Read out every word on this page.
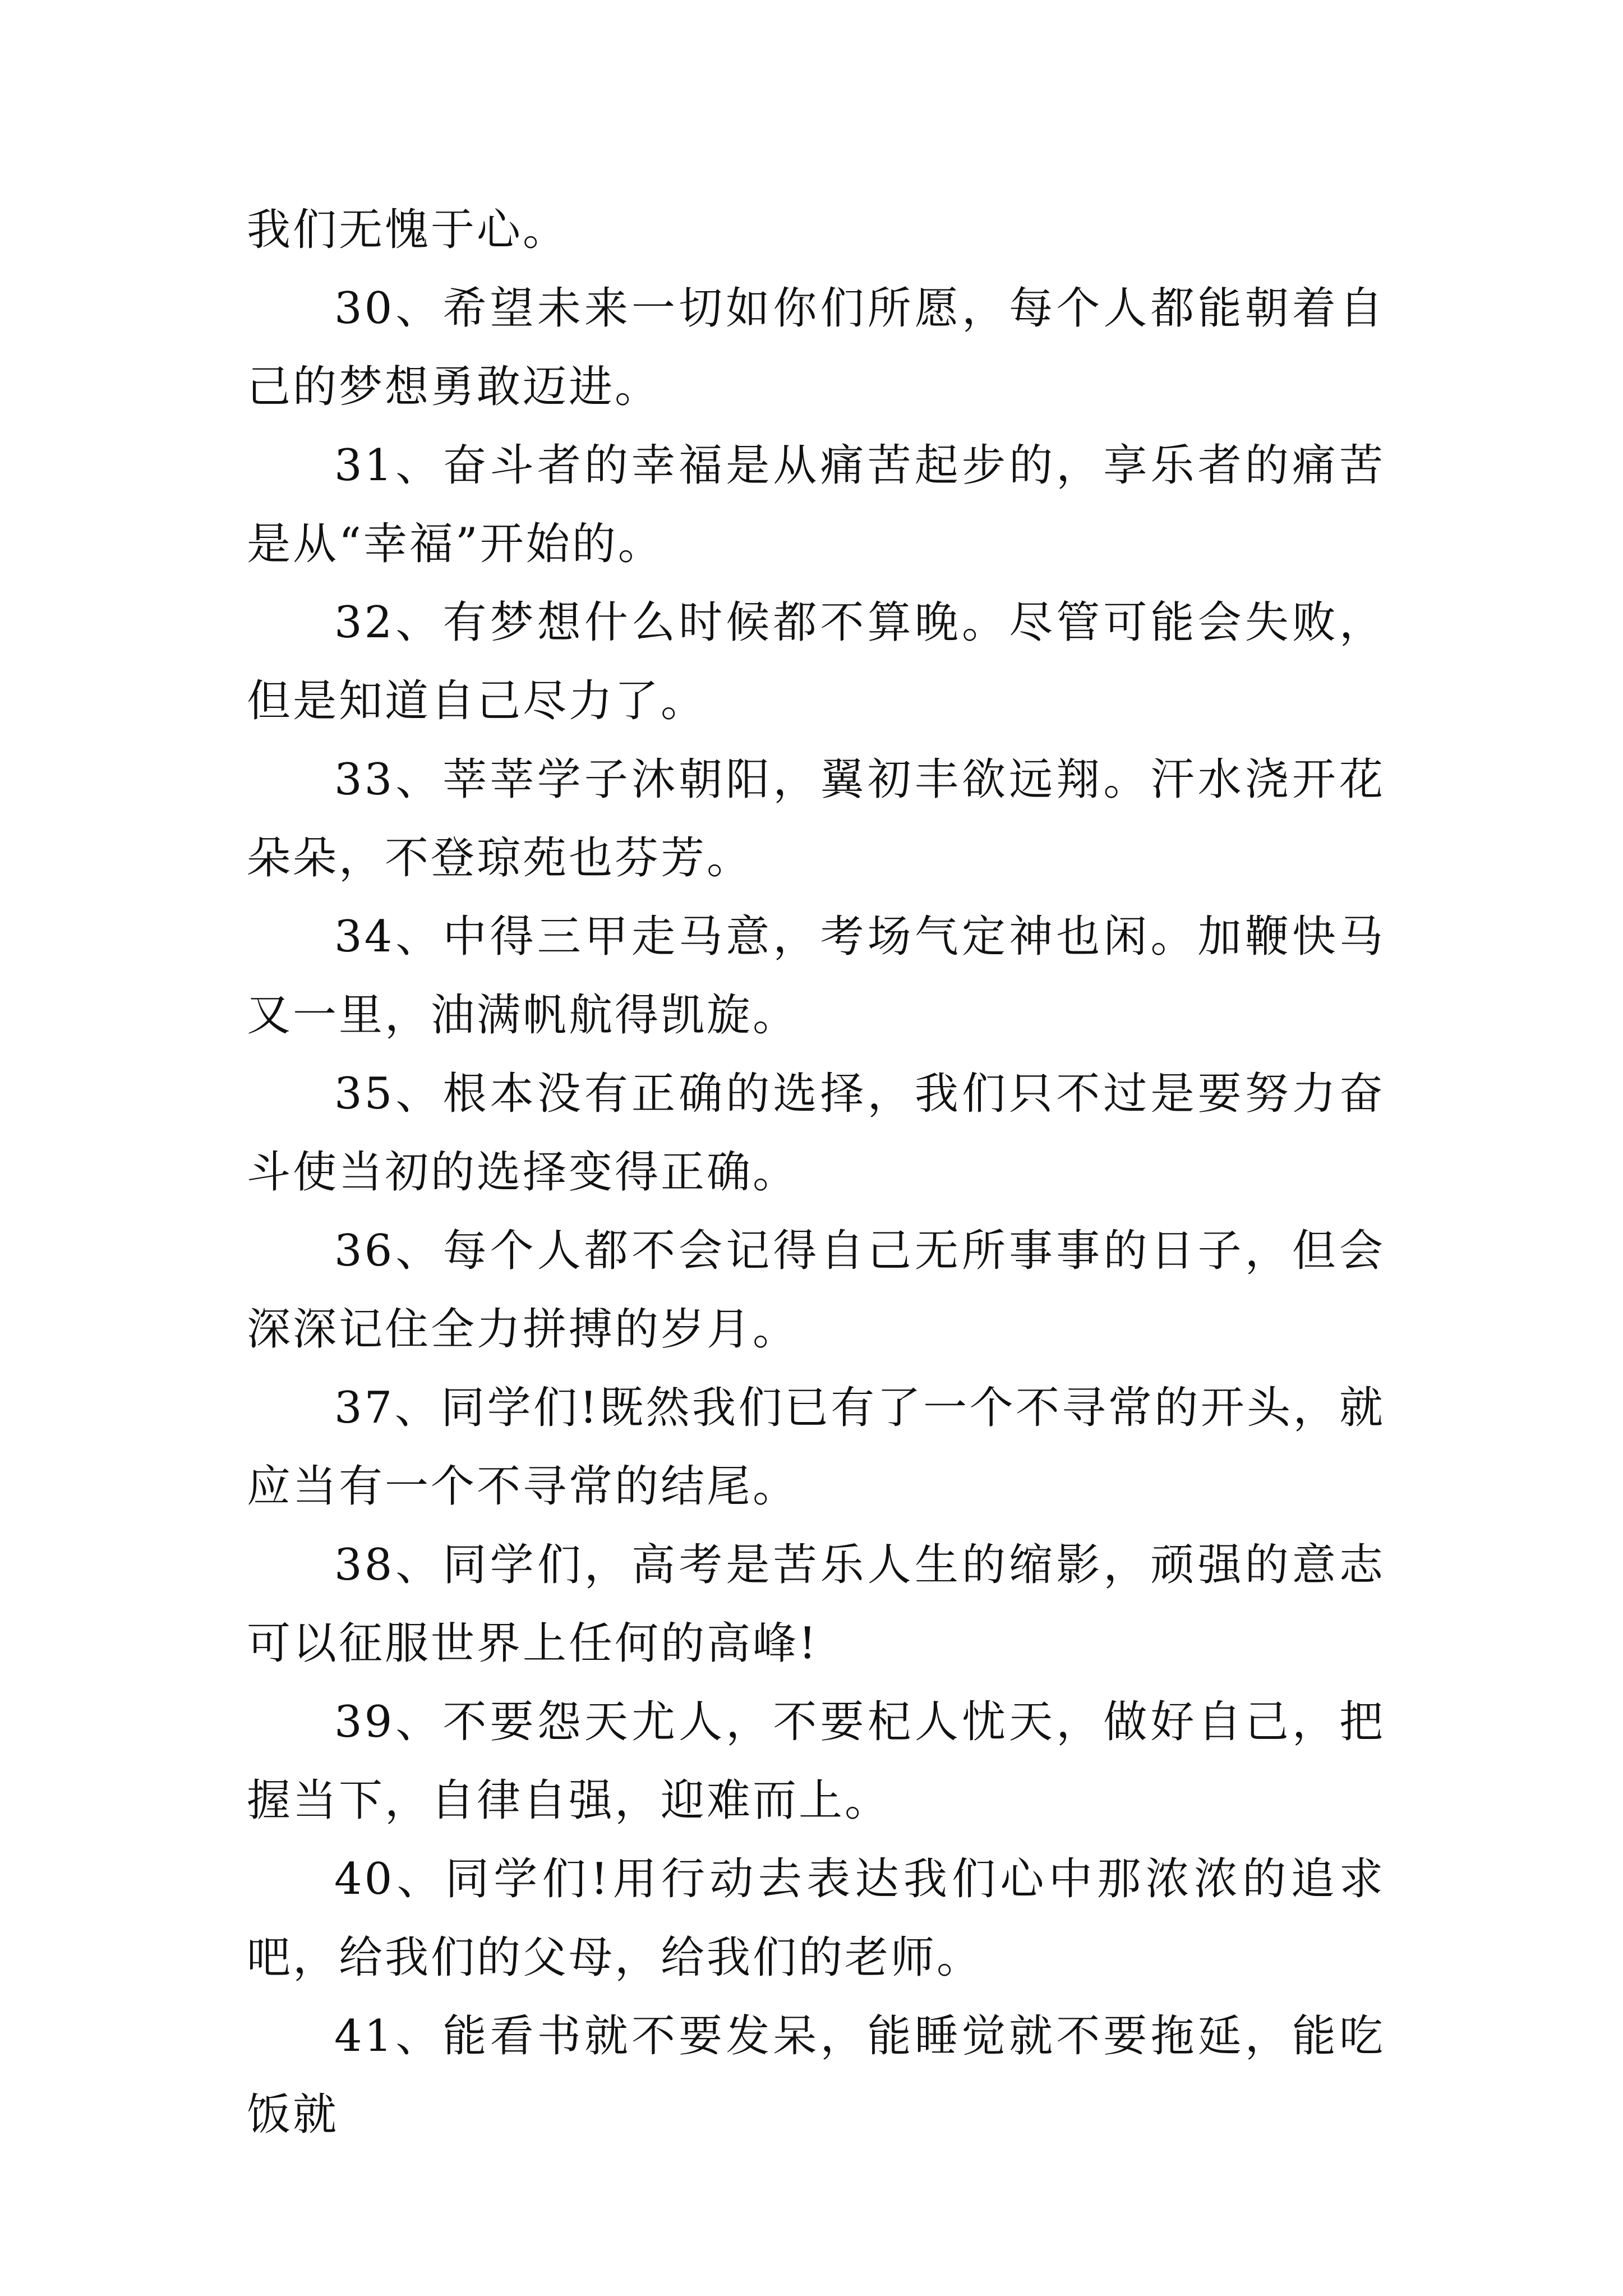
我们无愧于心。

30、希望未来一切如你们所愿，每个人都能朝着自己的梦想勇敢迈进。

31、奋斗者的幸福是从痛苦起步的，享乐者的痛苦是从“幸福”开始的。

32、有梦想什么时候都不算晚。尽管可能会失败，但是知道自己尽力了。

33、莘莘学子沐朝阳，翼初丰欲远翔。汗水浇开花朵朵，不登琼苑也芬芳。

34、中得三甲走马意，考场气定神也闲。加鞭快马又一里，油满帆航得凯旋。

35、根本没有正确的选择，我们只不过是要努力奋斗使当初的选择变得正确。

36、每个人都不会记得自己无所事事的日子，但会深深记住全力拼搏的岁月。

37、同学们!既然我们已有了一个不寻常的开头，就应当有一个不寻常的结尾。

38、同学们，高考是苦乐人生的缩影，顽强的意志可以征服世界上任何的高峰!

39、不要怨天尤人，不要杞人忧天，做好自己，把握当下，自律自强，迎难而上。

40、同学们!用行动去表达我们心中那浓浓的追求吧，给我们的父母，给我们的老师。

41、能看书就不要发呆，能睡觉就不要拖延，能吃饭就
